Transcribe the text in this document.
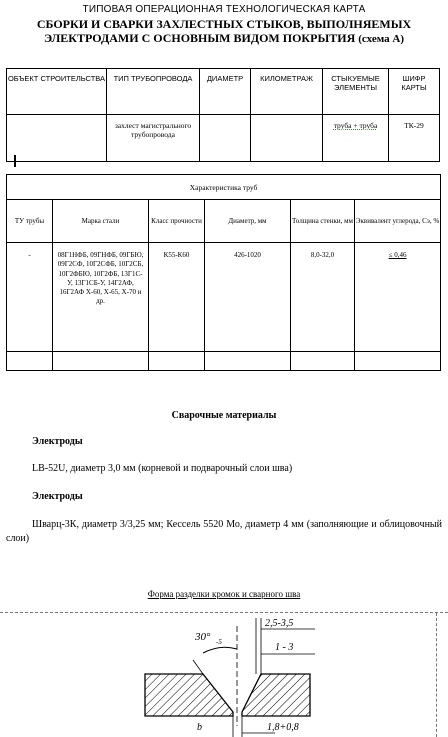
ТИПОВАЯ ОПЕРАЦИОННАЯ ТЕХНОЛОГИЧЕСКАЯ КАРТА
СБОРКИ И СВАРКИ ЗАХЛЕСТНЫХ СТЫКОВ, ВЫПОЛНЯЕМЫХ
ЭЛЕКТРОДАМИ С ОСНОВНЫМ ВИДОМ ПОКРЫТИЯ (схема А)
ОБЪЕКТ СТРОИТЕЛЬСТВА	ТИП ТРУБОПРОВОДА	ДИАМЕТР	КИЛОМЕТРАЖ	СТЫКУЕМЫЕ ЭЛЕМЕНТЫ	ШИФР КАРТЫ
	захлест магистрального трубопровода			труба + труба	ТК-29
Характеристика труб					
ТУ трубы	Марка стали	Класс прочности	Диаметр, мм	Толщина стенки, мм	Эквивалент углерода, Сэ, %
-	08Г1НФБ, 09ГНФБ, 09ГБЮ, 09Г2СФ, 10Г2СФБ, 10Г2СБ, 10Г2ФБЮ, 10Г2ФБ, 13Г1С-У, 13Г1СБ-У, 14Г2АФ, 16Г2АФ Х-60, Х-65, Х-70 и др.	К55-К60	426-1020	8,0-32,0	≤ 0,46

Сварочные материалы
Электроды
LB-52U, диаметр 3,0 мм (корневой и подварочный слои шва)
Электроды
Шварц-3К, диаметр 3/3,25 мм; Кессель 5520 Мо, диаметр 4 мм (заполняющие и облицовочный слои)
Форма разделки кромок и сварного шва
30° -5
2,5-3,5
1 - 3
1,8+0,8
b
